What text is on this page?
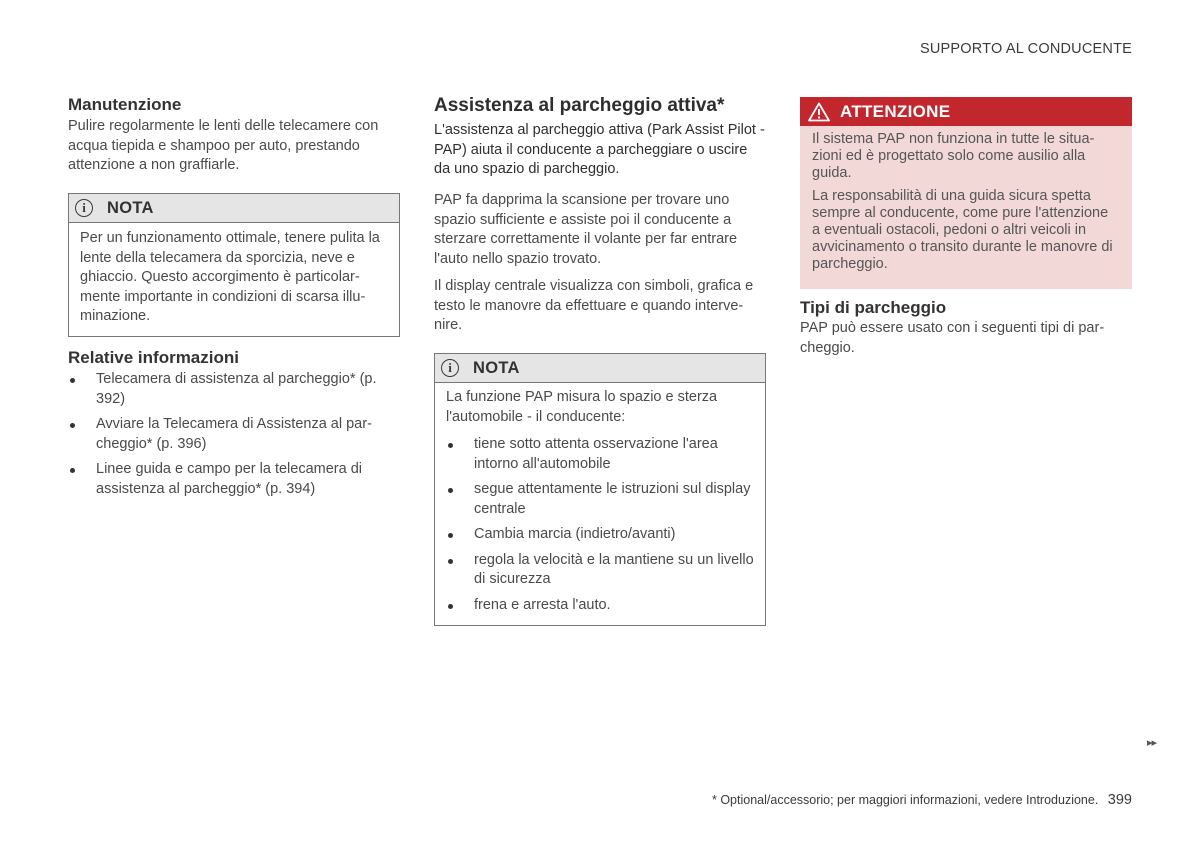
SUPPORTO AL CONDUCENTE
Manutenzione

Pulire regolarmente le lenti delle telecamere con acqua tiepida e shampoo per auto, prestando attenzione a non graffiarle.

i	NOTA

Per un funzionamento ottimale, tenere pulita la lente della telecamera da sporcizia, neve e ghiaccio. Questo accorgimento è particolar-mente importante in condizioni di scarsa illu-minazione.

Relative informazioni
Telecamera di assistenza al parcheggio* (p. 392)
Avviare la Telecamera di Assistenza al par-cheggio* (p. 396)
Linee guida e campo per la telecamera di assistenza al parcheggio* (p. 394)
Assistenza al parcheggio attiva*

L'assistenza al parcheggio attiva (Park Assist Pilot - PAP) aiuta il conducente a parcheggiare o uscire da uno spazio di parcheggio.

PAP fa dapprima la scansione per trovare uno spazio sufficiente e assiste poi il conducente a sterzare correttamente il volante per far entrare l'auto nello spazio trovato.

Il display centrale visualizza con simboli, grafica e testo le manovre da effettuare e quando interve-nire.

i	NOTA

La funzione PAP misura lo spazio e sterza l'automobile - il conducente:

tiene sotto attenta osservazione l'area intorno all'automobile
segue attentamente le istruzioni sul display centrale
Cambia marcia (indietro/avanti)
regola la velocità e la mantiene su un livello di sicurezza
frena e arresta l'auto.
ATTENZIONE

Il sistema PAP non funziona in tutte le situa-zioni ed è progettato solo come ausilio alla guida.

La responsabilità di una guida sicura spetta sempre al conducente, come pure l'attenzione a eventuali ostacoli, pedoni o altri veicoli in avvicinamento o transito durante le manovre di parcheggio.

Tipi di parcheggio

PAP può essere usato con i seguenti tipi di par-cheggio.

▸▸
* Optional/accessorio; per maggiori informazioni, vedere Introduzione. 399
